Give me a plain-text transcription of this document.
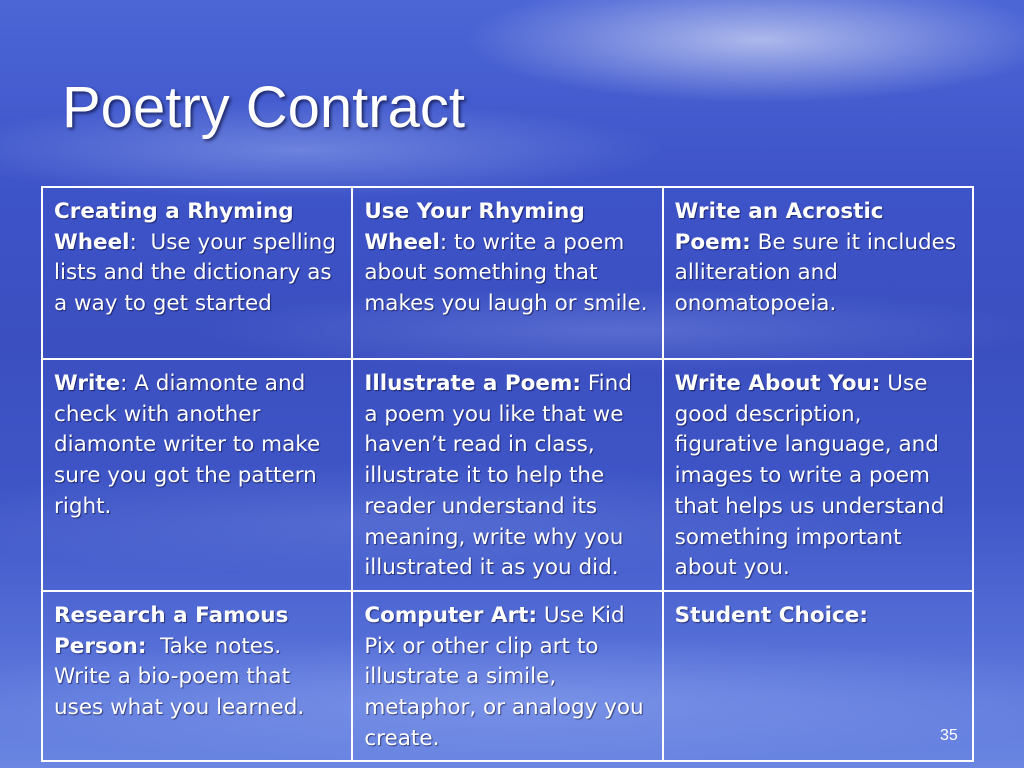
Poetry Contract
Creating a Rhyming Wheel:  Use your spelling lists and the dictionary as a way to get started	Use Your Rhyming Wheel: to write a poem about something that makes you laugh or smile.	Write an Acrostic Poem: Be sure it includes alliteration and onomatopoeia.
Write: A diamonte and check with another diamonte writer to make sure you got the pattern right.	Illustrate a Poem: Find a poem you like that we haven’t read in class, illustrate it to help the reader understand its meaning, write why you illustrated it as you did.	Write About You: Use good description, figurative language, and images to write a poem that helps us understand something important about you.
Research a Famous Person:  Take notes. Write a bio-poem that uses what you learned.	Computer Art: Use Kid Pix or other clip art to illustrate a simile, metaphor, or analogy you create.	Student Choice:
35
